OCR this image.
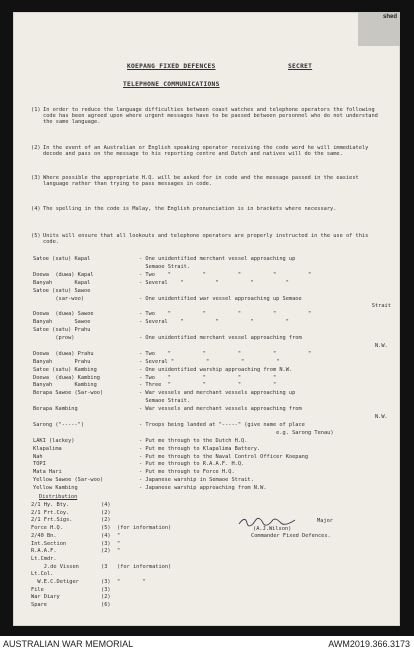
shed
KOEPANG FIXED DEFENCES	SECRET
TELEPHONE COMMUNICATIONS
(1) In order to reduce the language difficulties between coast watches and telephone operators the following code has been agreed upon where urgent messages have to be passed between personnel who do not understand the same language.
(2) In the event of an Australian or English speaking operator receiving the code word he will immediately decode and pass on the message to his reporting centre and Dutch and natives will do the same.
(3) Where possible the appropriate H.Q. will be asked for in code and the message passed in the easiest language rather than trying to pass messages in code.
(4) The spelling in the code is Malay, the English pronunciation is in brackets where necessary.
(5) Units will ensure that all lookouts and telephone operators are properly instructed in the use of this code.
Satoe (satu) Kapal	- One unidentified merchant vessel approaching up
Semaoe Strait.
Doewa  (duwa) Kapal	- Two    "          "          "          "          "
Banyah       Kapal	- Several    "          "          "          "
Satoe (satu) Sawoe
(sar-woo)	- One unidentified war vessel approaching up Semaoe
Strait
Doewa  (duwa) Sawoe	- Two    "          "          "          "          "
Banyah       Sawoe	- Several    "          "          "          "
Satoe (satu) Prahu
(prow)	- One unidentified merchant vessel approaching from
N.W.
Doewa  (duwa) Prahu	- Two    "          "          "          "          "
Banyah       Prahu	- Several "          "          "          "
Satoe (satu) Kambing	- One unidentified warship approaching from N.W.
Doewa  (duwa) Kambing	- Two    "          "          "          "
Banyah       Kambing	- Three  "          "          "          "
Berapa Sawoe (Sar-woo)	- War vessels and merchant vessels approaching up
Semaoe Strait.
Berapa Kambing	- War vessels and merchant vessels approaching from
N.W.
Sarong ("-----")	- Troops being landed at "-----" (give name of place
e.g. Sarong Tenau)
LAKI (lackey)	- Put me through to the Dutch H.Q.
Klapalima	- Put me through to Klapalima Battery.
Nah	- Put me through to the Naval Control Officer Koepang
TOPI	- Put me through to R.A.A.F. H.Q.
Mata Hari	- Put me through to Force H.Q.
Yellow Sawoe (Sar-woo)	- Japanese warship in Semaoe Strait.
Yellow Kambing	- Japanese warship approaching from N.W.
Distribution
2/1 Hy. Bty.	(4)
2/1 Frt.Coy.	(2)
2/1 Frt.Sigs.	(2)
Force H.Q.	(5) (for information)
2/40 Bn.	(4) "
Int.Section	(3) "
R.A.A.F.	(2) "
Lt.Cmdr.
J.de Vissen	(3 (for information)
Lt.Col.
W.E.C.Detiger	(3) "       "
File	(3)
War Diary	(2)
Spare	(6)
Major
(A.J.Wilson)
Commander Fixed Defences.
AUSTRALIAN WAR MEMORIAL	AWM2019.366.3173
